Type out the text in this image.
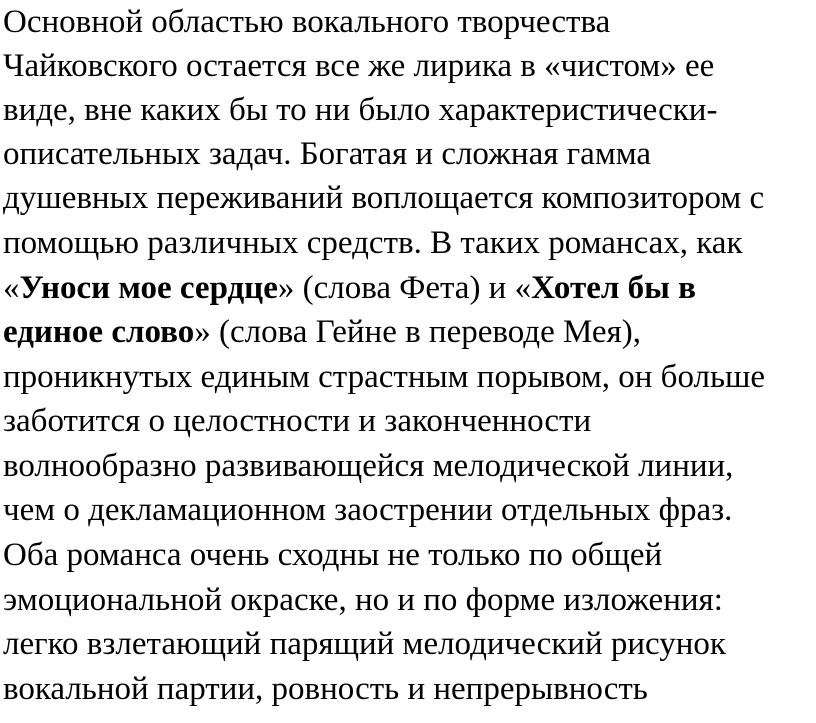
Основной областью вокального творчества
Чайковского остается все же лирика в «чистом» ее
виде, вне каких бы то ни было характеристически-
описательных задач. Богатая и сложная гамма
душевных переживаний воплощается композитором с
помощью различных средств. В таких романсах, как
«Уноси мое сердце» (слова Фета) и «Хотел бы в
единое слово» (слова Гейне в переводе Мея),
проникнутых единым страстным порывом, он больше
заботится о целостности и законченности
волнообразно развивающейся мелодической линии,
чем о декламационном заострении отдельных фраз.
Оба романса очень сходны не только по общей
эмоциональной окраске, но и по форме изложения:
легко взлетающий парящий мелодический рисунок
вокальной партии, ровность и непрерывность
